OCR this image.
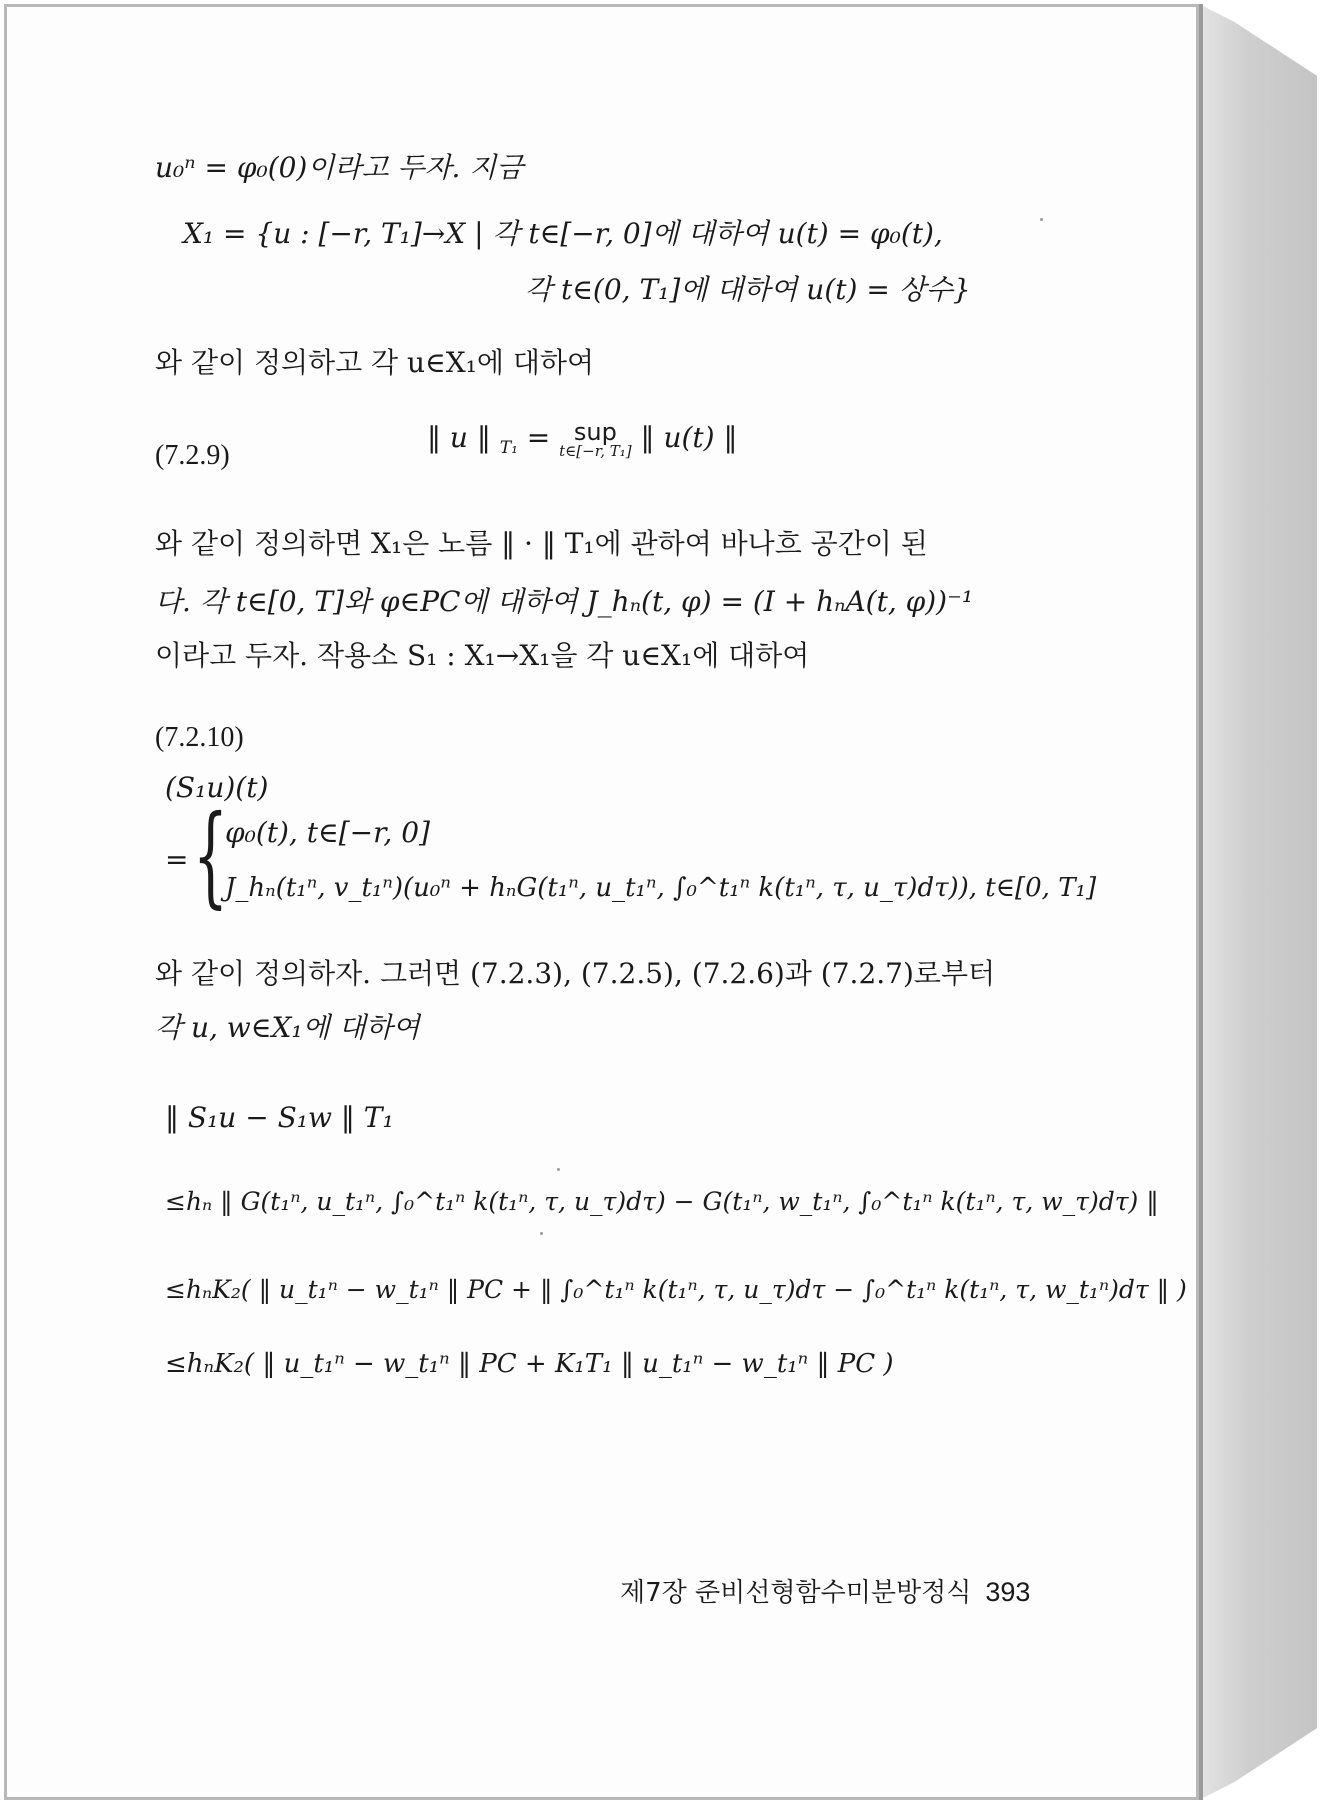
u₀ⁿ = φ₀(0)이라고 두자. 지금
X₁ = {u : [−r, T₁]→X | 각 t∈[−r, 0]에 대하여 u(t) = φ₀(t),
각 t∈(0, T₁]에 대하여 u(t) = 상수}
와 같이 정의하고 각 u∈X₁에 대하여
(7.2.9)
‖ u ‖ $_{T_1}$ = sup
t∈[−r, T₁] ‖ u(t) ‖
와 같이 정의하면 X₁은 노름 ‖ · ‖ T₁에 관하여 바나흐 공간이 된
다. 각 t∈[0, T]와 φ∈PC에 대하여 J_hₙ(t, φ) = (I + hₙA(t, φ))⁻¹
이라고 두자. 작용소 S₁ : X₁→X₁을 각 u∈X₁에 대하여
(7.2.10)
(S₁u)(t)
= {
φ₀(t), t∈[−r, 0]
J_hₙ(t₁ⁿ, v_t₁ⁿ)(u₀ⁿ + hₙG(t₁ⁿ, u_t₁ⁿ, ∫₀^t₁ⁿ k(t₁ⁿ, τ, u_τ)dτ)), t∈[0, T₁]
와 같이 정의하자. 그러면 (7.2.3), (7.2.5), (7.2.6)과 (7.2.7)로부터
각 u, w∈X₁에 대하여
‖ S₁u − S₁w ‖ T₁
≤hₙ ‖ G(t₁ⁿ, u_t₁ⁿ, ∫₀^t₁ⁿ k(t₁ⁿ, τ, u_τ)dτ) − G(t₁ⁿ, w_t₁ⁿ, ∫₀^t₁ⁿ k(t₁ⁿ, τ, w_τ)dτ) ‖
≤hₙK₂( ‖ u_t₁ⁿ − w_t₁ⁿ ‖ PC + ‖ ∫₀^t₁ⁿ k(t₁ⁿ, τ, u_τ)dτ − ∫₀^t₁ⁿ k(t₁ⁿ, τ, w_t₁ⁿ)dτ ‖ )
≤hₙK₂( ‖ u_t₁ⁿ − w_t₁ⁿ ‖ PC + K₁T₁ ‖ u_t₁ⁿ − w_t₁ⁿ ‖ PC )
제7장 준비선형함수미분방정식 393
